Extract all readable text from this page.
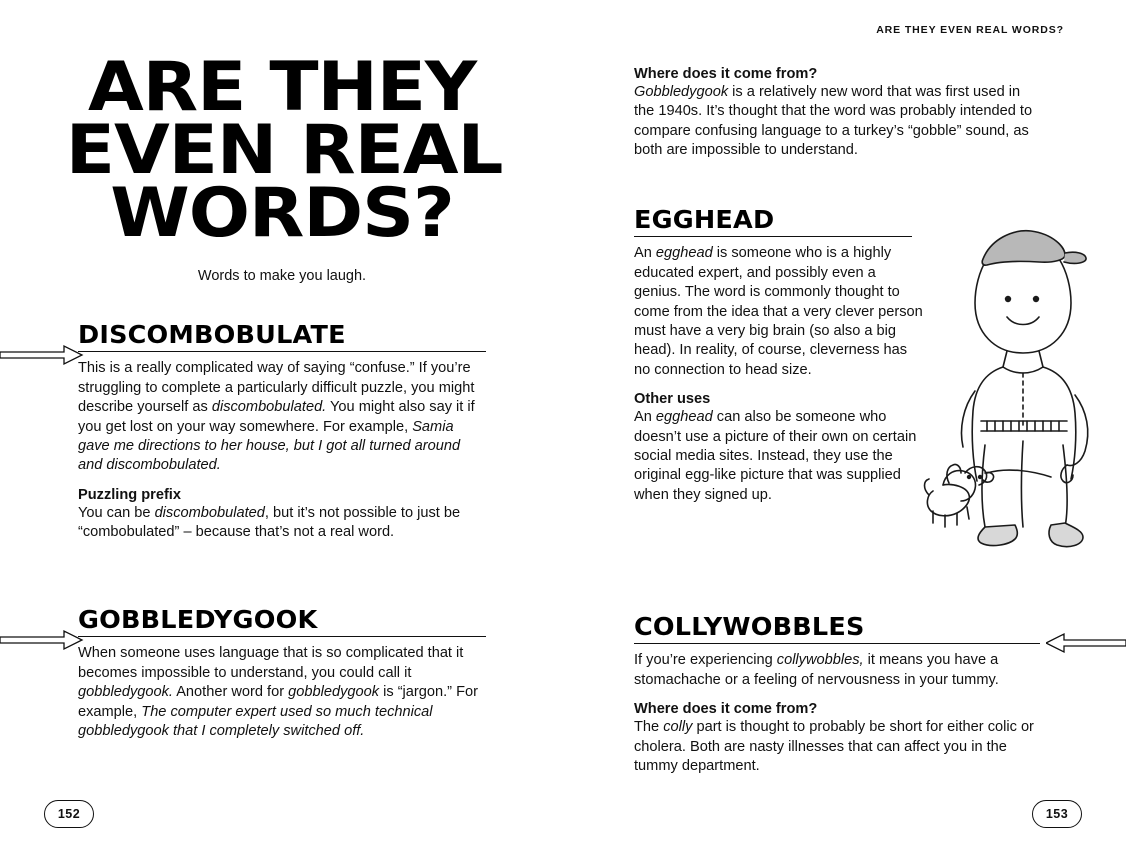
ARE THEY EVEN REAL WORDS?
ARE THEY
EVEN REAL
WORDS?
Words to make you laugh.
DISCOMBOBULATE

This is a really complicated way of saying “confuse.” If you’re struggling to complete a particularly difficult puzzle, you might describe yourself as discombobulated. You might also say it if you get lost on your way somewhere. For example, Samia gave me directions to her house, but I got all turned around and discombobulated.

Puzzling prefix

You can be discombobulated, but it’s not possible to just be “combobulated” – because that’s not a real word.

GOBBLEDYGOOK

When someone uses language that is so complicated that it becomes impossible to understand, you could call it gobbledygook. Another word for gobbledygook is “jargon.” For example, The computer expert used so much technical gobbledygook that I completely switched off.

152
Where does it come from?

Gobbledygook is a relatively new word that was first used in the 1940s. It’s thought that the word was probably intended to compare confusing language to a turkey’s “gobble” sound, as both are impossible to understand.

EGGHEAD

An egghead is someone who is a highly educated expert, and possibly even a genius. The word is commonly thought to come from the idea that a very clever person must have a very big brain (so also a big head). In reality, of course, cleverness has no connection to head size.

Other uses

An egghead can also be someone who doesn’t use a picture of their own on certain social media sites. Instead, they use the original egg-like picture that was supplied when they signed up.

COLLYWOBBLES

If you’re experiencing collywobbles, it means you have a stomachache or a feeling of nervousness in your tummy.

Where does it come from?

The colly part is thought to probably be short for either colic or cholera. Both are nasty illnesses that can affect you in the tummy department.

153
